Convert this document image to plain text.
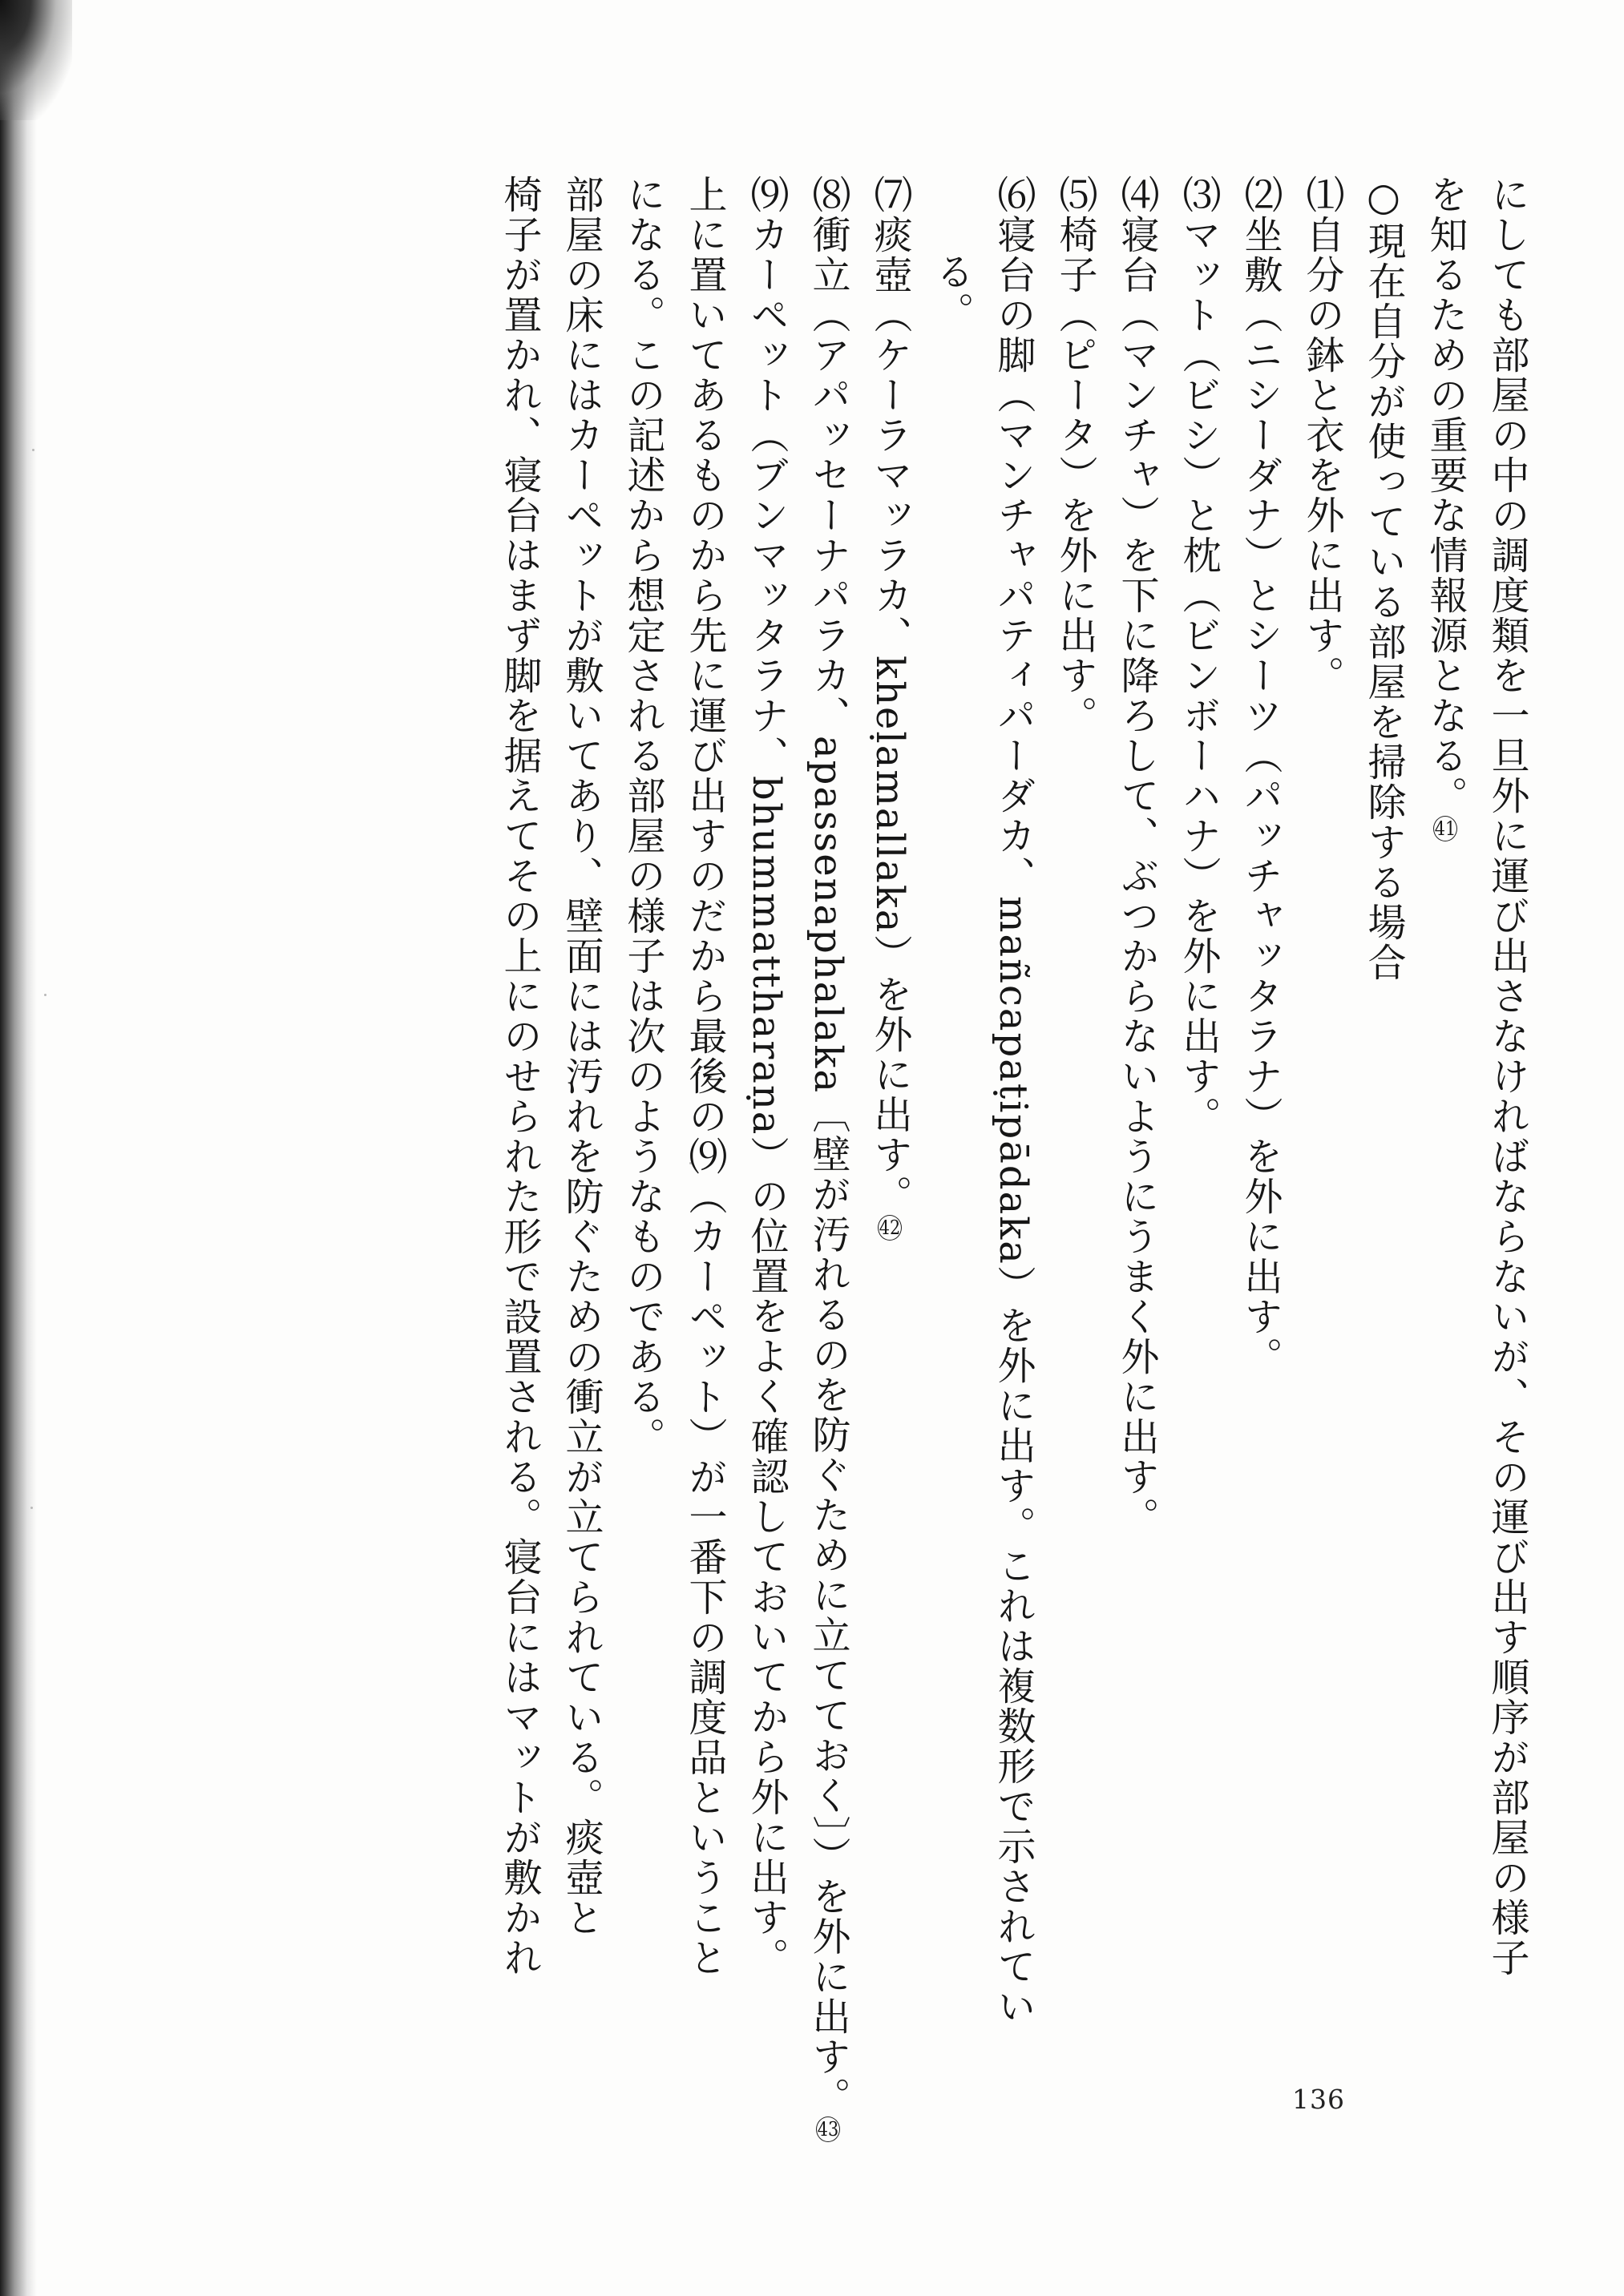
にしても部屋の中の調度類を一旦外に運び出さなければならないが、その運び出す順序が部屋の様子
を知るための重要な情報源となる。41
○現在自分が使っている部屋を掃除する場合
⑴自分の鉢と衣を外に出す。
⑵坐敷（ニシーダナ）とシーツ（パッチャッタラナ）を外に出す。
⑶マット（ビシ）と枕（ビンボーハナ）を外に出す。
⑷寝台（マンチャ）を下に降ろして、ぶつからないようにうまく外に出す。
⑸椅子（ピータ）を外に出す。
⑹寝台の脚（マンチャパティパーダカ、mañcapaṭipādaka）を外に出す。これは複数形で示されてい
る。
⑺痰壺（ケーラマッラカ、kheḷamallaka）を外に出す。42
⑻衝立（アパッセーナパラカ、apassenaphalaka〔壁が汚れるのを防ぐために立てておく〕）を外に出す。43
⑼カーペット（ブンマッタラナ、bhummattharaṇa）の位置をよく確認しておいてから外に出す。
上に置いてあるものから先に運び出すのだから最後の⑼（カーペット）が一番下の調度品ということ
になる。この記述から想定される部屋の様子は次のようなものである。
部屋の床にはカーペットが敷いてあり、壁面には汚れを防ぐための衝立が立てられている。痰壺と
椅子が置かれ、寝台はまず脚を据えてその上にのせられた形で設置される。寝台にはマットが敷かれ
136
